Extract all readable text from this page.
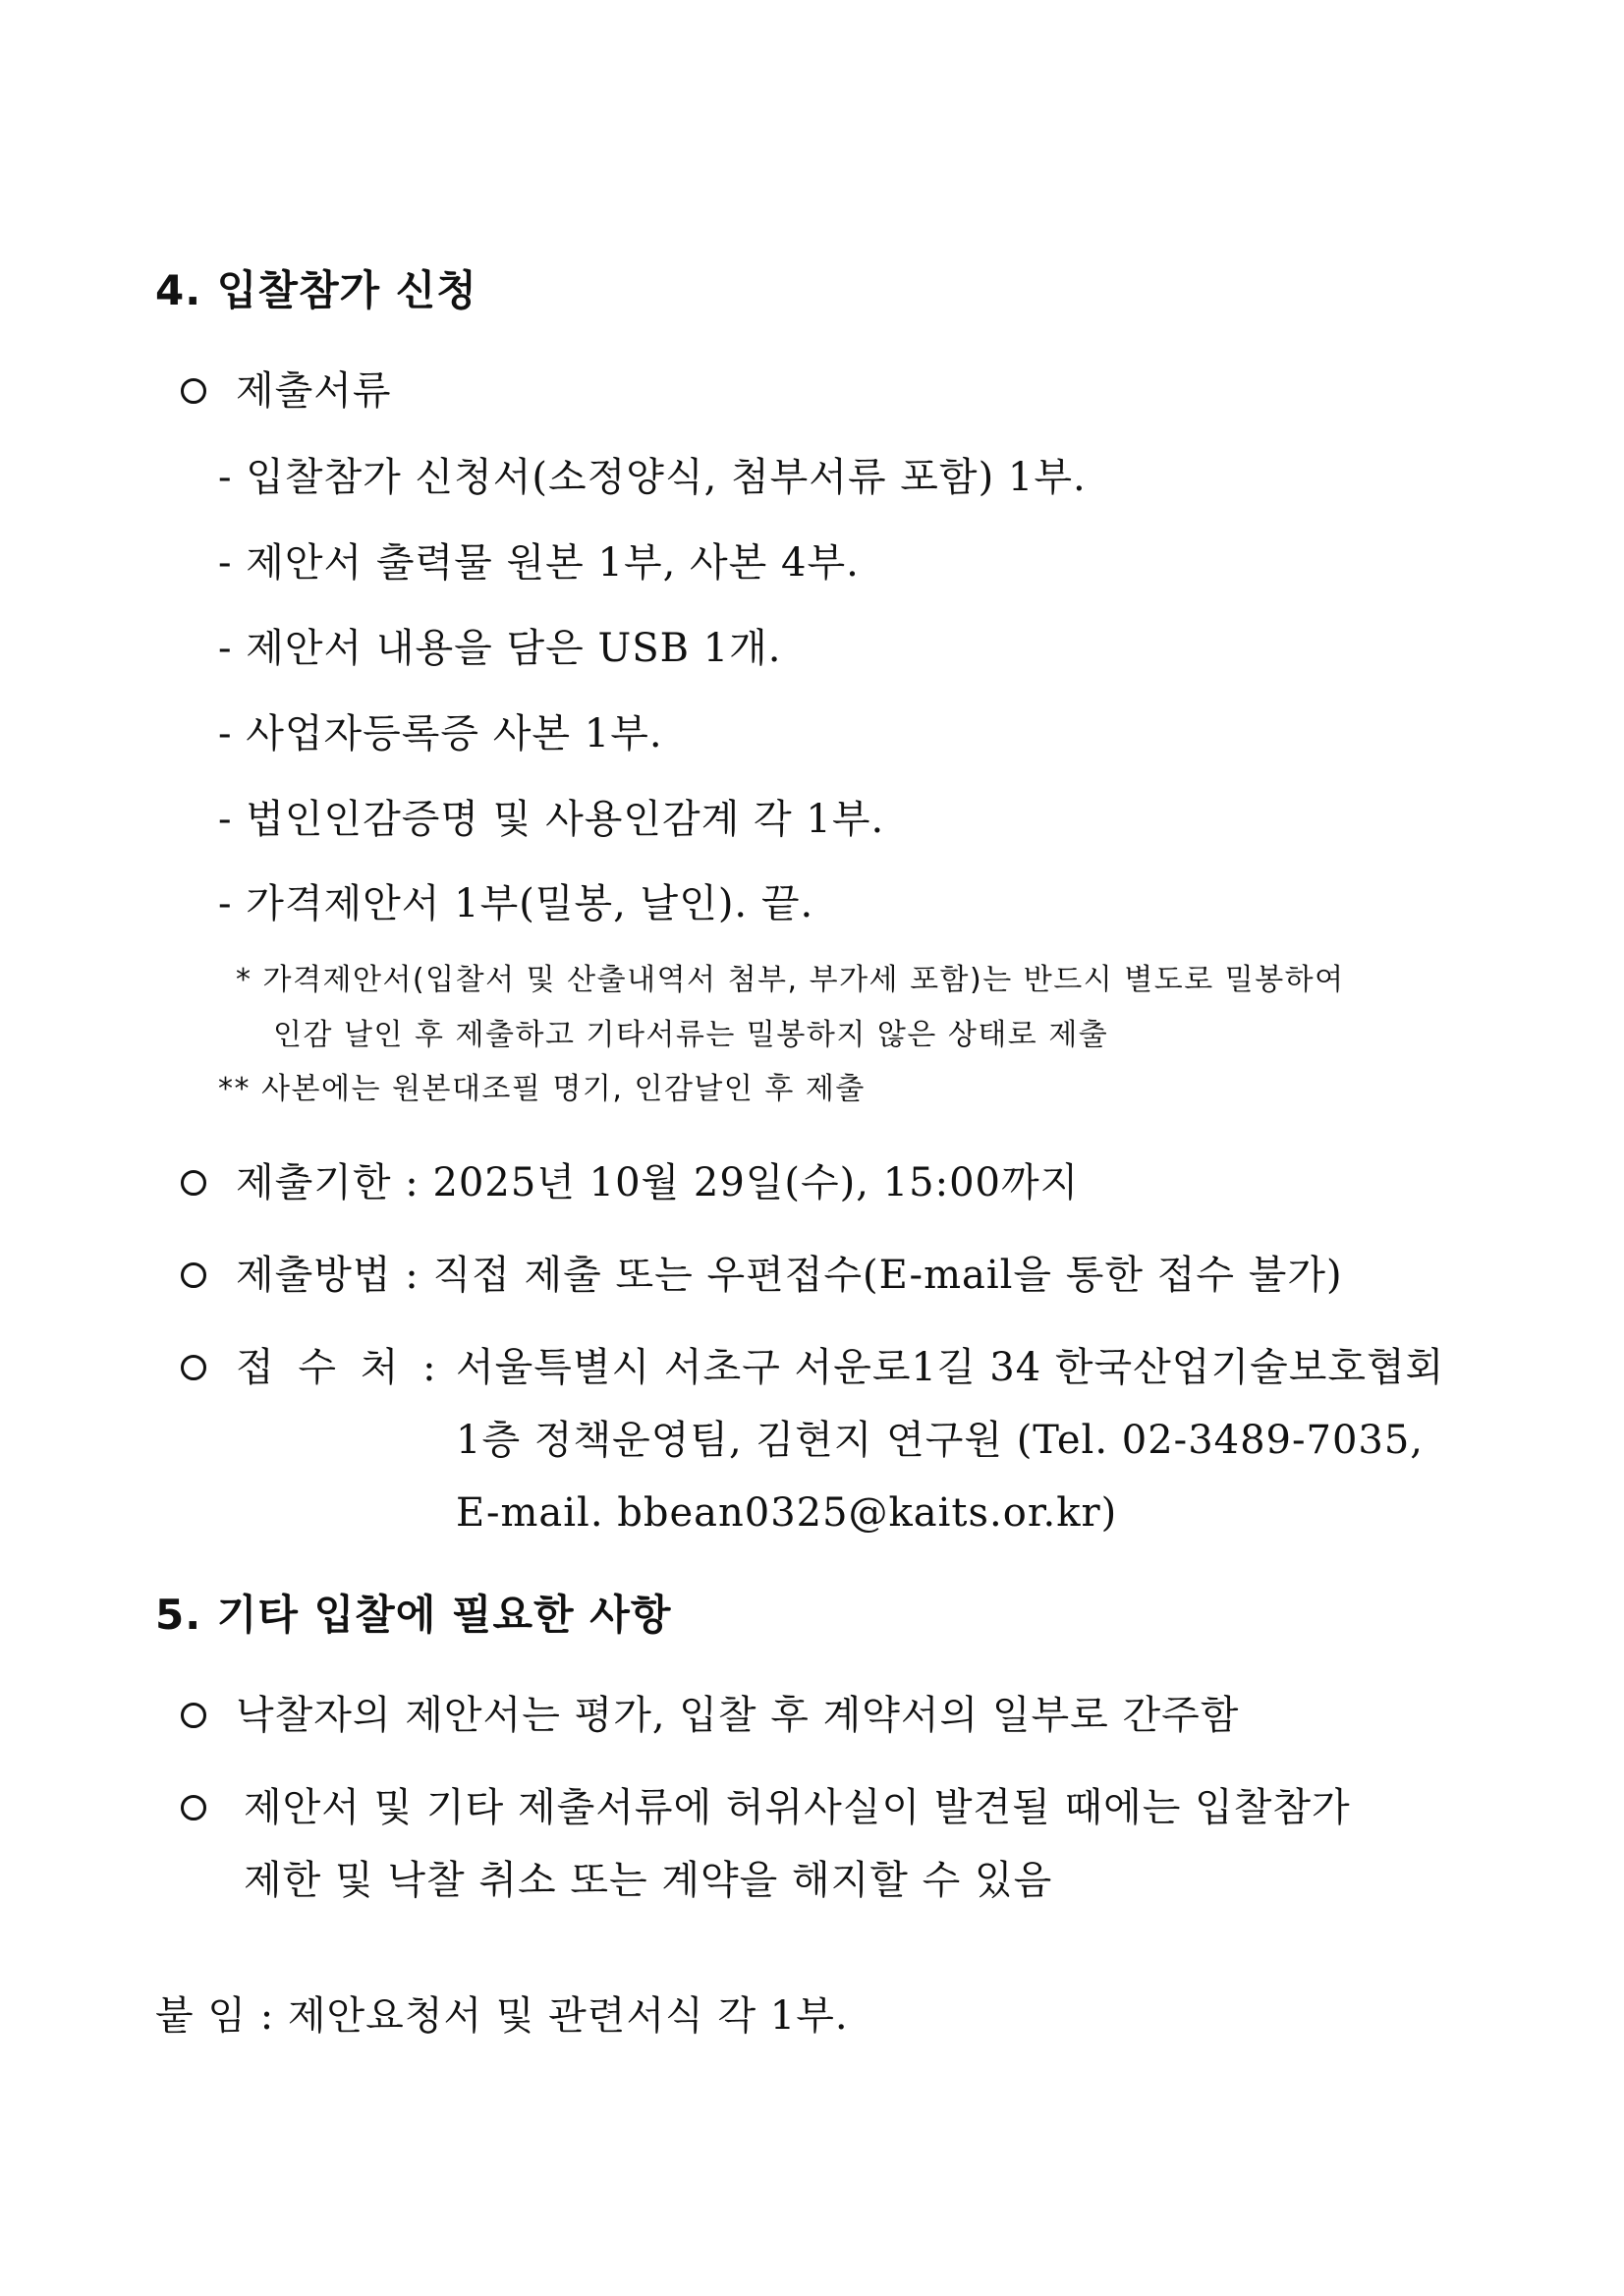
4. 입찰참가 신청
제출서류
- 입찰참가 신청서(소정양식, 첨부서류 포함) 1부.
- 제안서 출력물 원본 1부, 사본 4부.
- 제안서 내용을 담은 USB 1개.
- 사업자등록증 사본 1부.
- 법인인감증명 및 사용인감계 각 1부.
- 가격제안서 1부(밀봉, 날인). 끝.
* 가격제안서(입찰서 및 산출내역서 첨부, 부가세 포함)는 반드시 별도로 밀봉하여
인감 날인 후 제출하고 기타서류는 밀봉하지 않은 상태로 제출
** 사본에는 원본대조필 명기, 인감날인 후 제출
제출기한 : 2025년 10월 29일(수), 15:00까지
제출방법 : 직접 제출 또는 우편접수(E-mail을 통한 접수 불가)
접 수 처 : 서울특별시 서초구 서운로1길 34 한국산업기술보호협회
1층 정책운영팀, 김현지 연구원 (Tel. 02-3489-7035,
E-mail. bbean0325@kaits.or.kr)
5. 기타 입찰에 필요한 사항
낙찰자의 제안서는 평가, 입찰 후 계약서의 일부로 간주함
제안서 및 기타 제출서류에 허위사실이 발견될 때에는 입찰참가
제한 및 낙찰 취소 또는 계약을 해지할 수 있음
붙 임 : 제안요청서 및 관련서식 각 1부.
